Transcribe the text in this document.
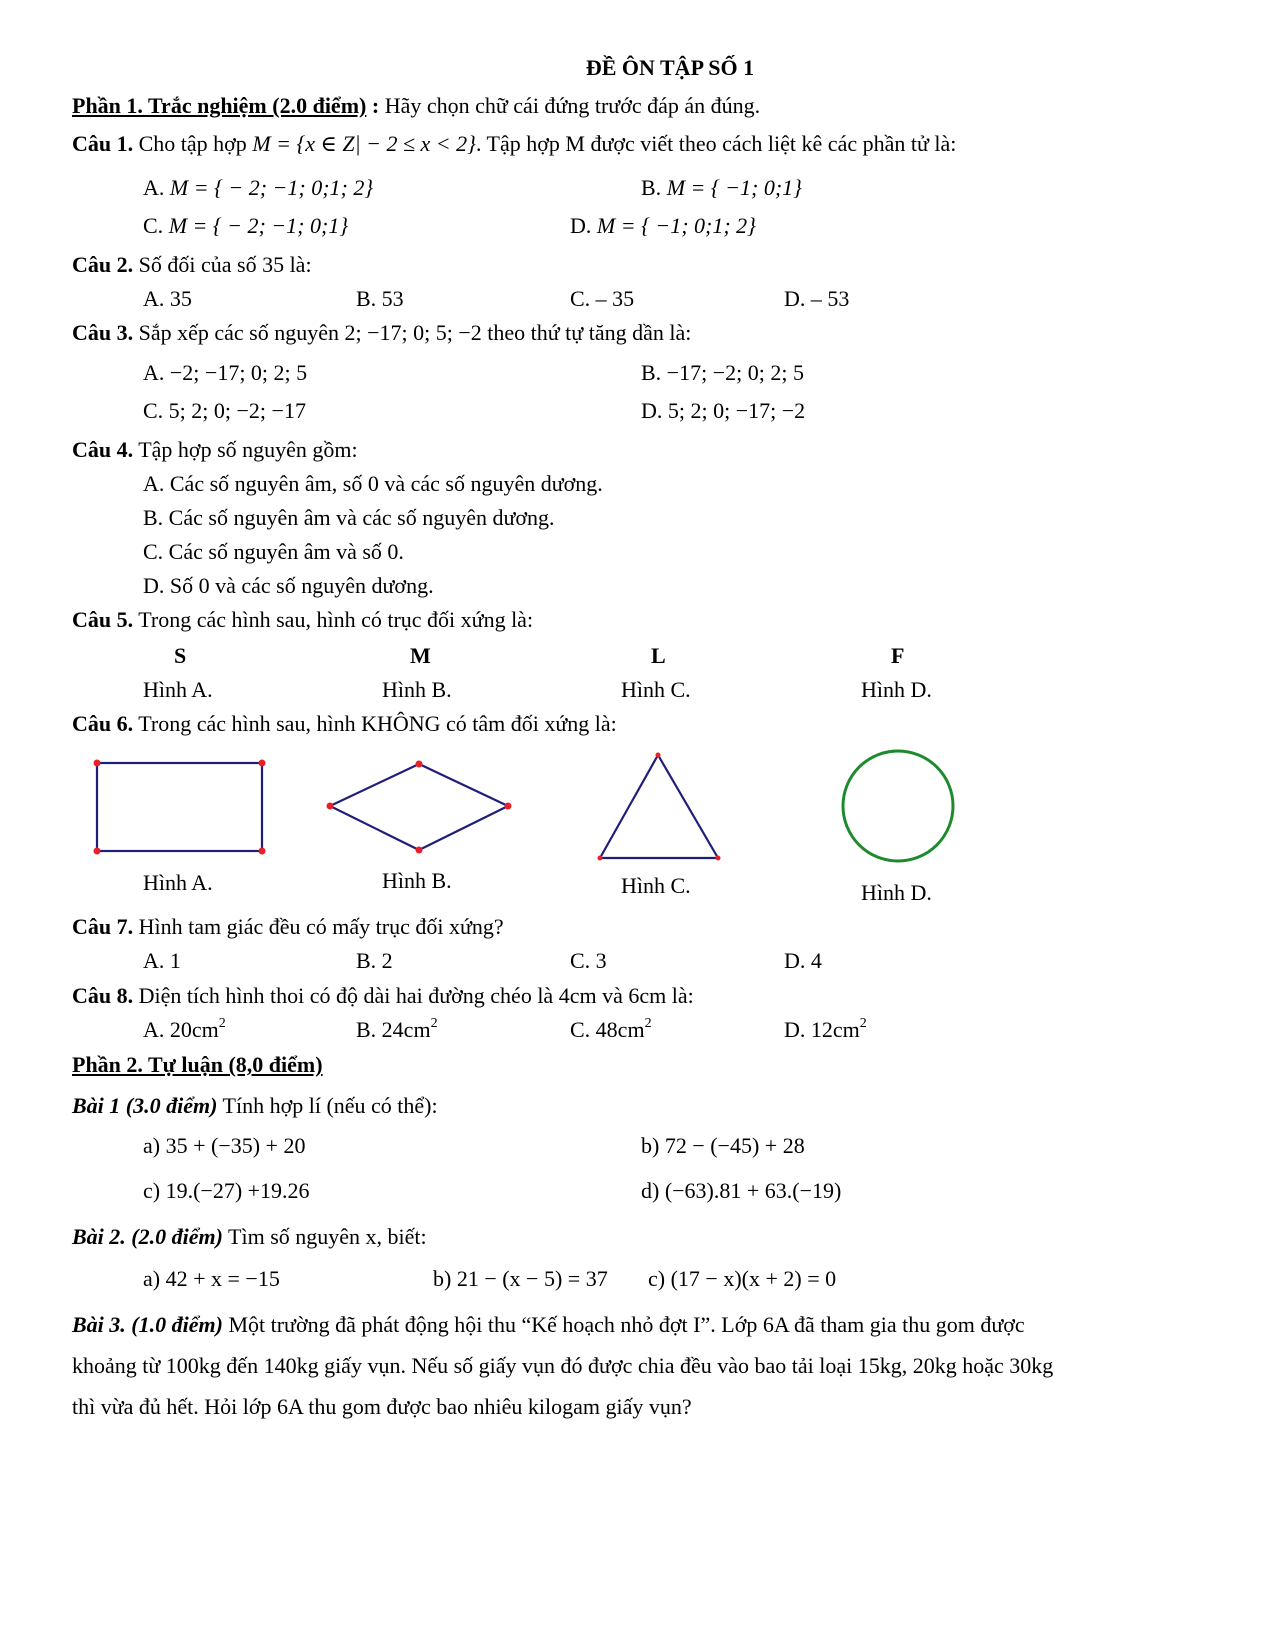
ĐỀ ÔN TẬP SỐ 1
Phần 1. Trắc nghiệm (2.0 điểm) : Hãy chọn chữ cái đứng trước đáp án đúng.
Câu 1. Cho tập hợp M = {x ∈ Z| − 2 ≤ x < 2}. Tập hợp M được viết theo cách liệt kê các phần tử là:
A. M = { − 2; −1; 0;1; 2}	B. M = { −1; 0;1}
C. M = { − 2; −1; 0;1}	D. M = { −1; 0;1; 2}
Câu 2. Số đối của số 35 là:
A. 35	B. 53	C. – 35	D. – 53
Câu 3. Sắp xếp các số nguyên 2; −17; 0; 5; −2 theo thứ tự tăng dần là:
A. −2; −17; 0; 2; 5	B. −17; −2; 0; 2; 5
C. 5; 2; 0; −2; −17	D. 5; 2; 0; −17; −2
Câu 4. Tập hợp số nguyên gồm:
A. Các số nguyên âm, số 0 và các số nguyên dương.
B. Các số nguyên âm và các số nguyên dương.
C. Các số nguyên âm và số 0.
D. Số 0 và các số nguyên dương.
Câu 5. Trong các hình sau, hình có trục đối xứng là:
S	M	L	F
Hình A.	Hình B.	Hình C.	Hình D.
Câu 6. Trong các hình sau, hình KHÔNG có tâm đối xứng là:
Hình A.	Hình B.	Hình C.	Hình D.
Câu 7. Hình tam giác đều có mấy trục đối xứng?
A. 1	B. 2	C. 3	D. 4
Câu 8. Diện tích hình thoi có độ dài hai đường chéo là 4cm và 6cm là:
A. $20cm^2$	B. $24cm^2$	C. $48cm^2$	D. $12cm^2$
Phần 2. Tự luận (8,0 điểm)
Bài 1 (3.0 điểm) Tính hợp lí (nếu có thể):
a) 35 + (−35) + 20	b) 72 − (−45) + 28
c) 19.(−27) +19.26	d) (−63).81 + 63.(−19)
Bài 2. (2.0 điểm) Tìm số nguyên x, biết:
a) 42 + x = −15	b) 21 − (x − 5) = 37 c) (17 − x)(x + 2) = 0
Bài 3. (1.0 điểm) Một trường đã phát động hội thu “Kế hoạch nhỏ đợt I”. Lớp 6A đã tham gia thu gom được
khoảng từ 100kg đến 140kg giấy vụn. Nếu số giấy vụn đó được chia đều vào bao tải loại 15kg, 20kg hoặc 30kg
thì vừa đủ hết. Hỏi lớp 6A thu gom được bao nhiêu kilogam giấy vụn?
